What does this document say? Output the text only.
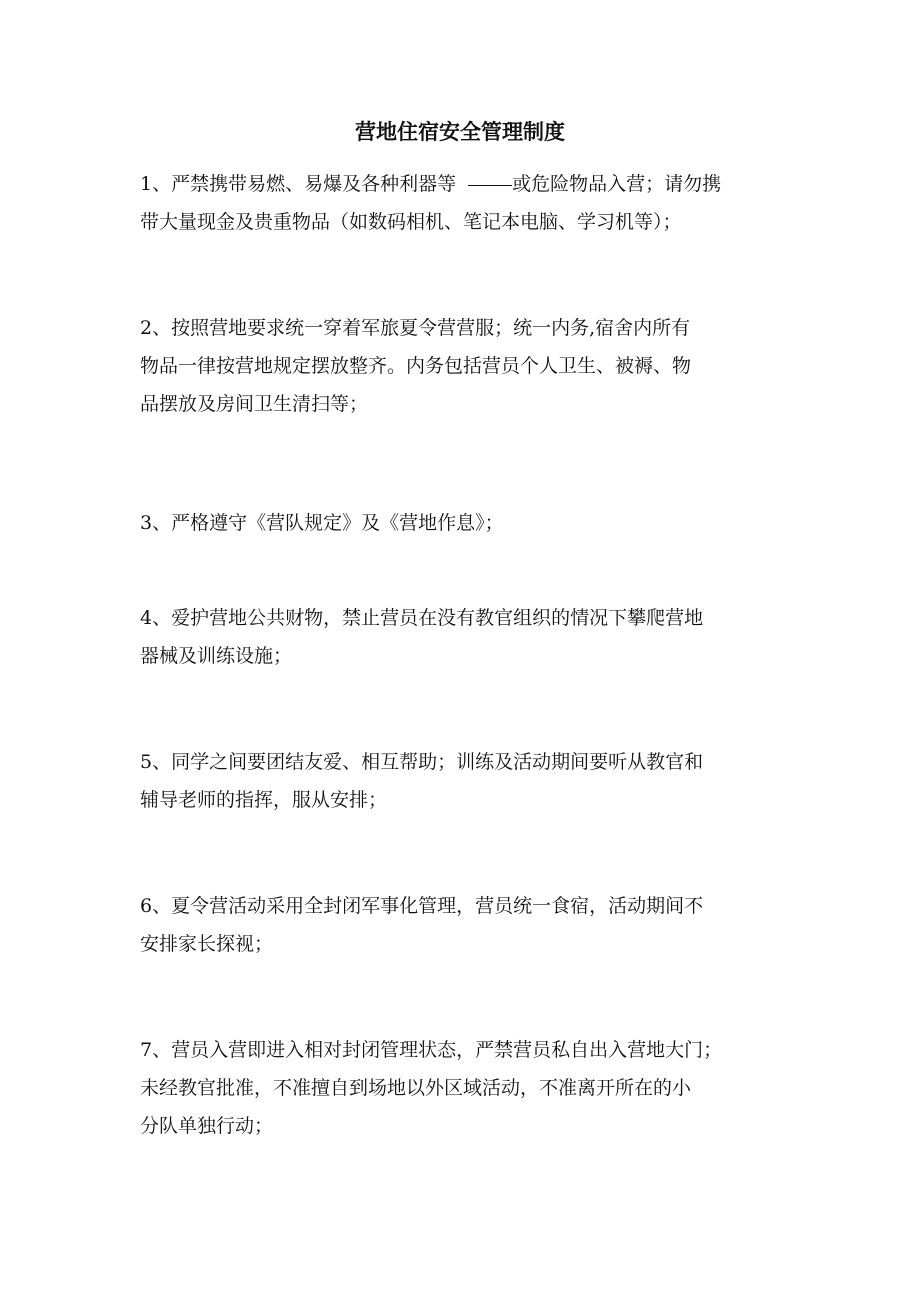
营地住宿安全管理制度
1、严禁携带易燃、易爆及各种利器等	或危险物品入营；请勿携
带大量现金及贵重物品（如数码相机、笔记本电脑、学习机等）；
2、按照营地要求统一穿着军旅夏令营营服；统一内务,宿舍内所有
物品一律按营地规定摆放整齐。内务包括营员个人卫生、被褥、物
品摆放及房间卫生清扫等；
3、严格遵守《营队规定》及《营地作息》；
4、爱护营地公共财物，禁止营员在没有教官组织的情况下攀爬营地
器械及训练设施；
5、同学之间要团结友爱、相互帮助；训练及活动期间要听从教官和
辅导老师的指挥，服从安排；
6、夏令营活动采用全封闭军事化管理，营员统一食宿，活动期间不
安排家长探视；
7、营员入营即进入相对封闭管理状态，严禁营员私自出入营地大门；
未经教官批准，不准擅自到场地以外区域活动，不准离开所在的小
分队单独行动；
